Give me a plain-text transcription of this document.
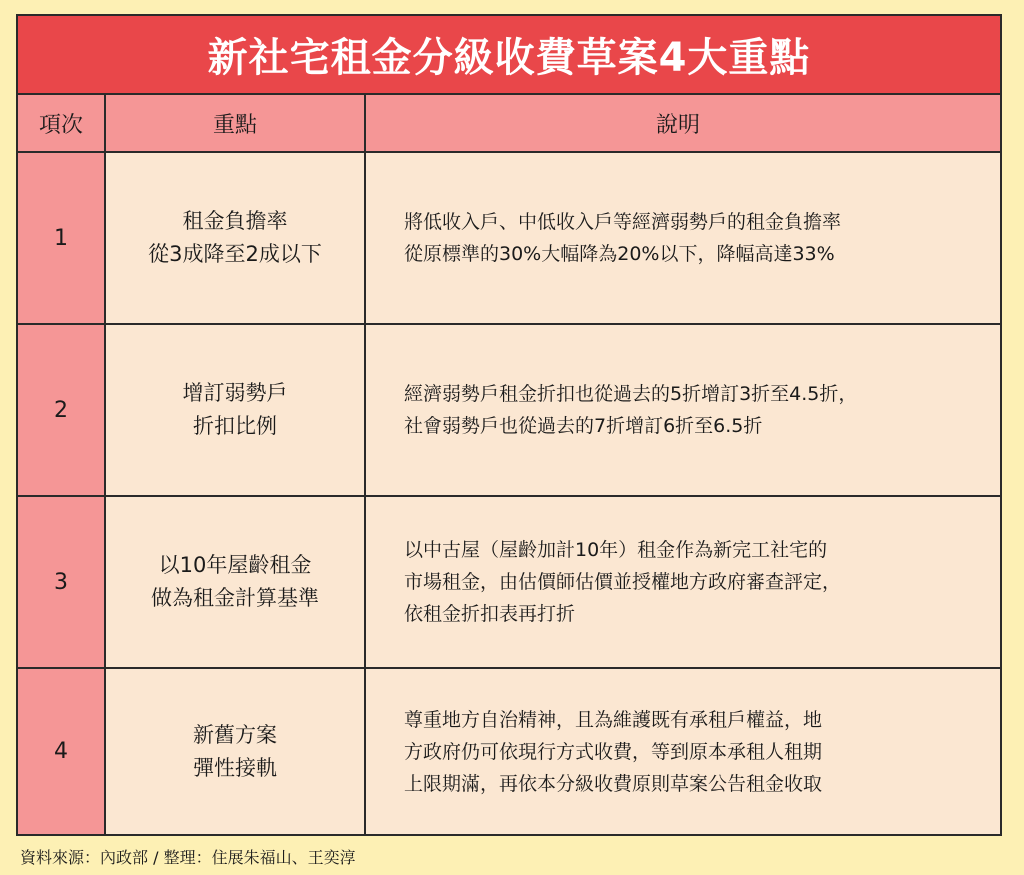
新社宅租金分級收費草案4大重點
項次	重點	說明
1
租金負擔率
從3成降至2成以下
將低收入戶、中低收入戶等經濟弱勢戶的租金負擔率
從原標準的30%大幅降為20%以下，降幅高達33%
2
增訂弱勢戶
折扣比例
經濟弱勢戶租金折扣也從過去的5折增訂3折至4.5折，
社會弱勢戶也從過去的7折增訂6折至6.5折
3
以10年屋齡租金
做為租金計算基準
以中古屋（屋齡加計10年）租金作為新完工社宅的
市場租金，由估價師估價並授權地方政府審查評定，
依租金折扣表再打折
4
新舊方案
彈性接軌
尊重地方自治精神，且為維護既有承租戶權益，地
方政府仍可依現行方式收費，等到原本承租人租期
上限期滿，再依本分級收費原則草案公告租金收取
資料來源：內政部 / 整理：住展朱福山、王奕淳
